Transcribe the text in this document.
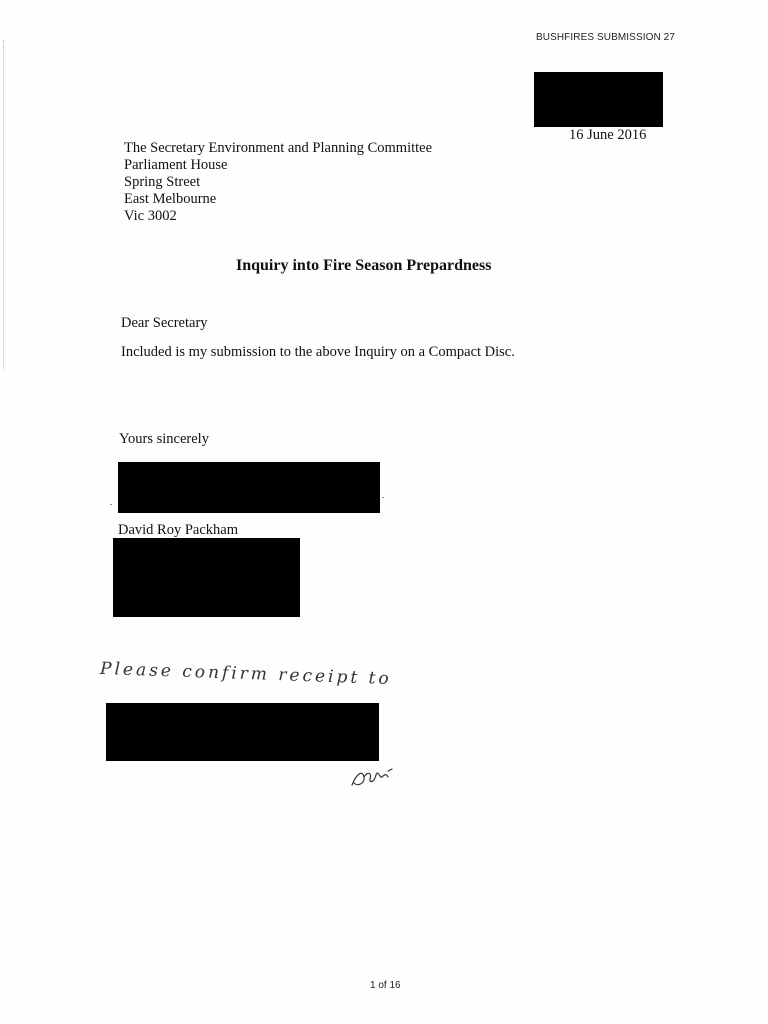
BUSHFIRES SUBMISSION 27
16 June 2016
The Secretary Environment and Planning Committee
Parliament House
Spring Street
East Melbourne
Vic 3002
Inquiry into Fire Season Prepardness
Dear Secretary
Included is my submission to the above Inquiry on a Compact Disc.
Yours sincerely
David Roy Packham
Please confirm receipt to
1 of 16
